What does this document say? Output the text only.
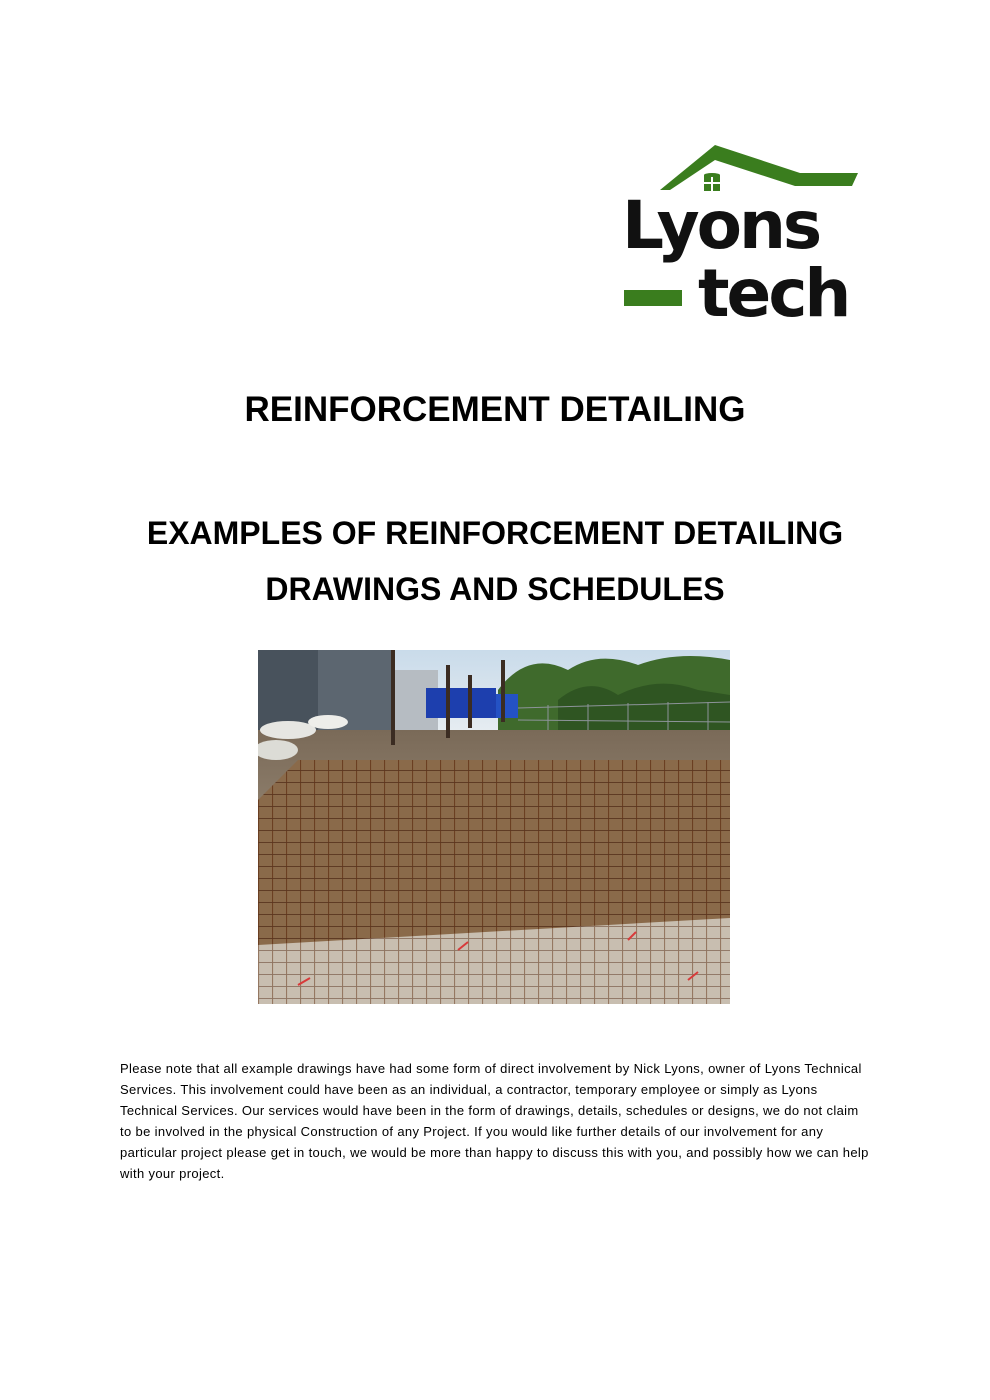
Lyons
tech
REINFORCEMENT DETAILING
EXAMPLES OF REINFORCEMENT DETAILING
DRAWINGS AND SCHEDULES

Please note that all example drawings have had some form of direct involvement by Nick Lyons, owner of Lyons Technical Services. This involvement could have been as an individual, a contractor, temporary employee or simply as Lyons Technical Services. Our services would have been in the form of drawings, details, schedules or designs, we do not claim to be involved in the physical Construction of any Project. If you would like further details of our involvement for any particular project please get in touch, we would be more than happy to discuss this with you, and possibly how we can help with your project.
